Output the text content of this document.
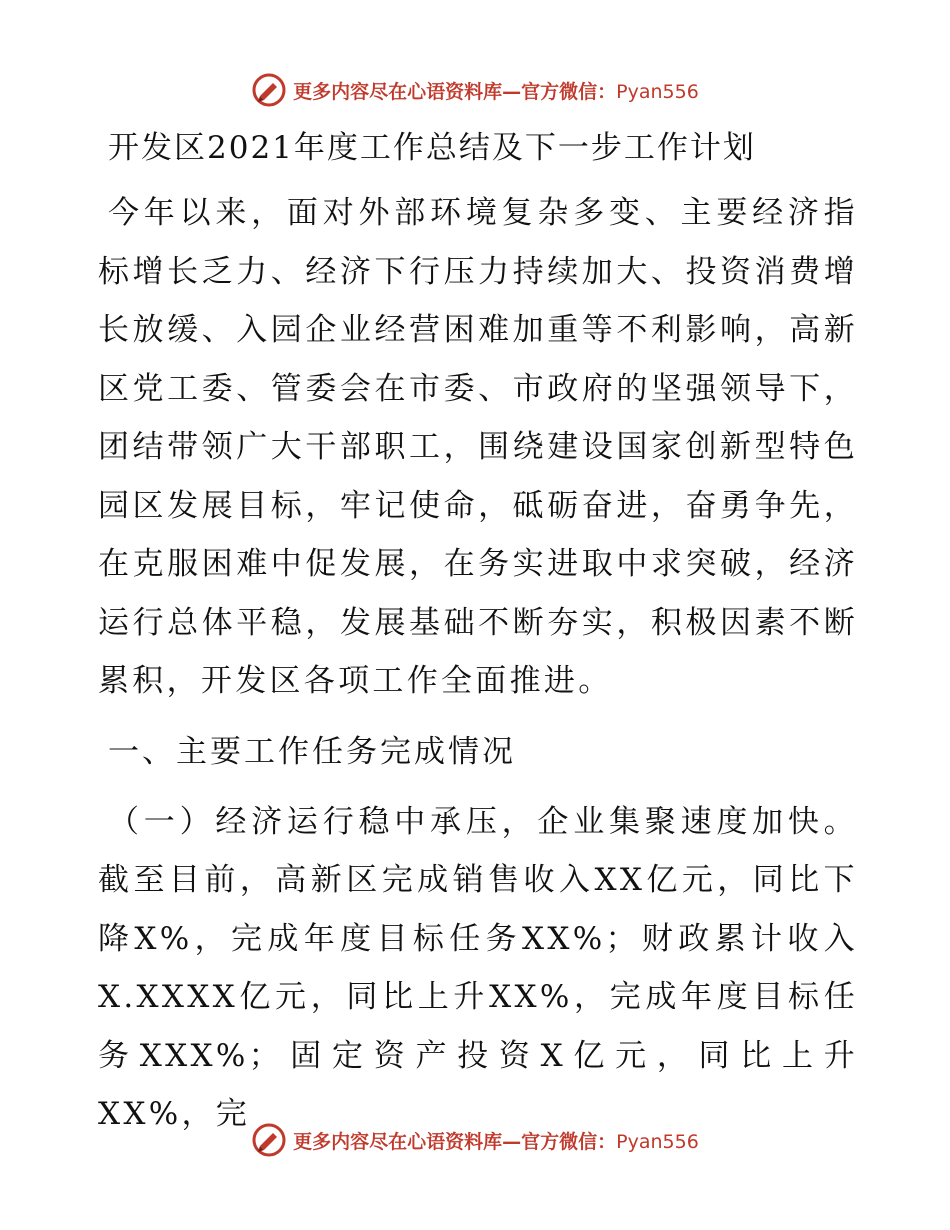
更多内容尽在心语资料库—官方微信：Pyan556
开发区2021年度工作总结及下一步工作计划

今年以来，面对外部环境复杂多变、主要经济指标增长乏力、经济下行压力持续加大、投资消费增长放缓、入园企业经营困难加重等不利影响，高新区党工委、管委会在市委、市政府的坚强领导下，团结带领广大干部职工，围绕建设国家创新型特色园区发展目标，牢记使命，砥砺奋进，奋勇争先，在克服困难中促发展，在务实进取中求突破，经济运行总体平稳，发展基础不断夯实，积极因素不断累积，开发区各项工作全面推进。

一、主要工作任务完成情况

（一）经济运行稳中承压，企业集聚速度加快。截至目前，高新区完成销售收入XX亿元，同比下降X%，完成年度目标任务XX%；财政累计收入X.XXXX亿元，同比上升XX%，完成年度目标任务XXX%；固定资产投资X亿元，同比上升XX%，完

更多内容尽在心语资料库—官方微信：Pyan556
